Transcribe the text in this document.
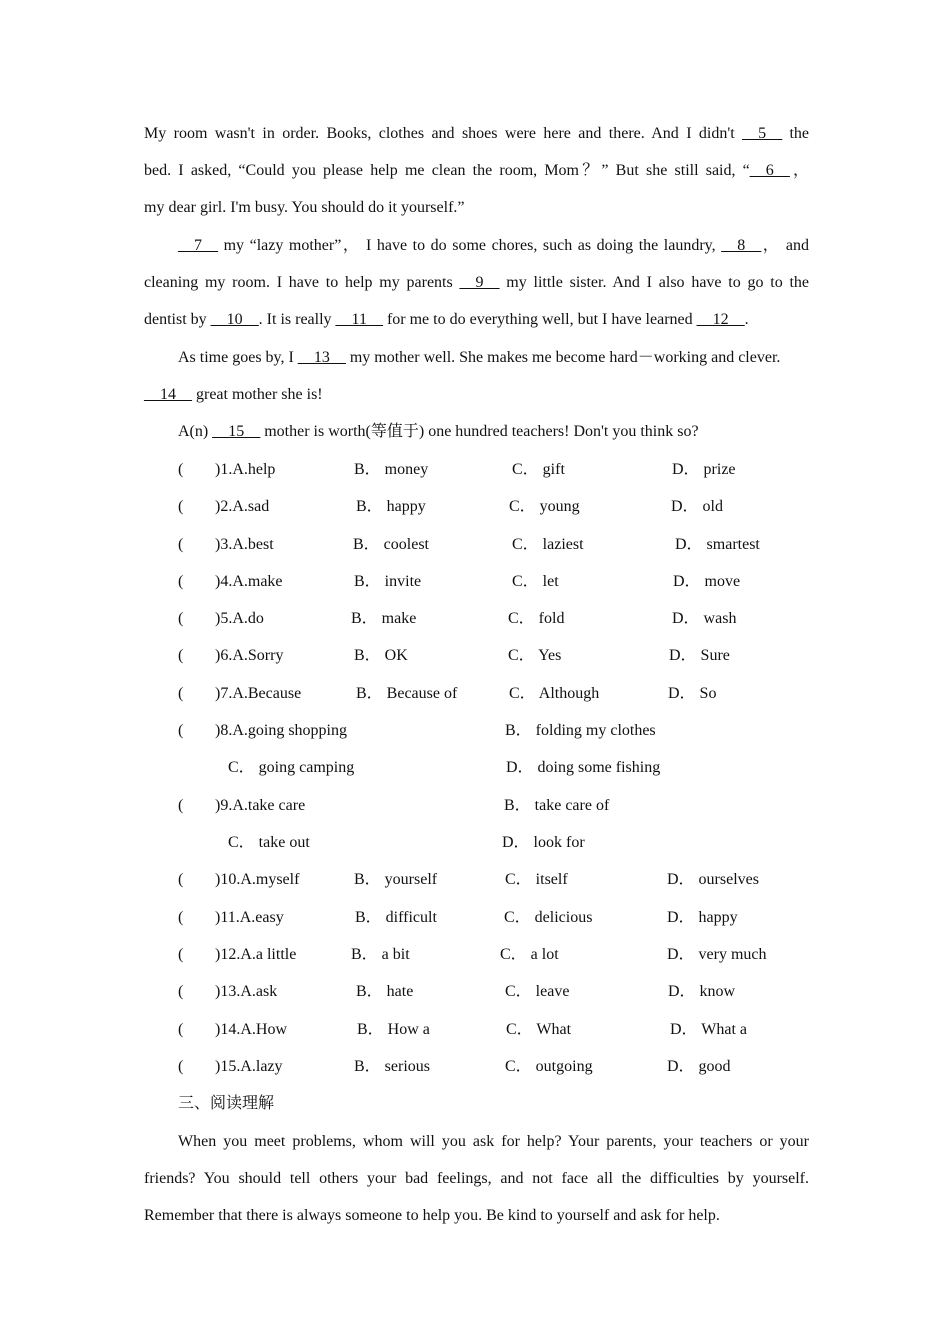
My room wasn't in order. Books, clothes and shoes were here and there. And I didn't __5__ the
bed. I asked, “Could you please help me clean the room, Mom？” But she still said, “__6__，
my dear girl. I'm busy. You should do it yourself.”
__7__ my “lazy mother”， I have to do some chores, such as doing the laundry, __8__， and
cleaning my room. I have to help my parents __9__ my little sister. And I also have to go to the
dentist by __10__. It is really __11__ for me to do everything well, but I have learned __12__.
As time goes by, I __13__ my mother well. She makes me become hard－working and clever.
__14__ great mother she is!
A(n) __15__ mother is worth(等值于) one hundred teachers! Don't you think so?
( )1.A.help	B． money	C． gift	D． prize
( )2.A.sad	B． happy	C． young	D． old
( )3.A.best	B． coolest	C． laziest	D． smartest
( )4.A.make	B． invite	C． let	D． move
( )5.A.do	B． make	C． fold	D． wash
( )6.A.Sorry	B． OK	C． Yes	D． Sure
( )7.A.Because	B． Because of	C． Although	D． So
( )8.A.going shopping	B． folding my clothes
C． going camping	D． doing some fishing
( )9.A.take care	B． take care of
C． take out	D． look for
( )10.A.myself	B． yourself	C． itself	D． ourselves
( )11.A.easy	B． difficult	C． delicious	D． happy
( )12.A.a little	B． a bit	C． a lot	D． very much
( )13.A.ask	B． hate	C． leave	D． know
( )14.A.How	B． How a	C． What	D． What a
( )15.A.lazy	B． serious	C． outgoing	D． good
三、阅读理解
When you meet problems, whom will you ask for help? Your parents, your teachers or your
friends? You should tell others your bad feelings, and not face all the difficulties by yourself.
Remember that there is always someone to help you. Be kind to yourself and ask for help.
